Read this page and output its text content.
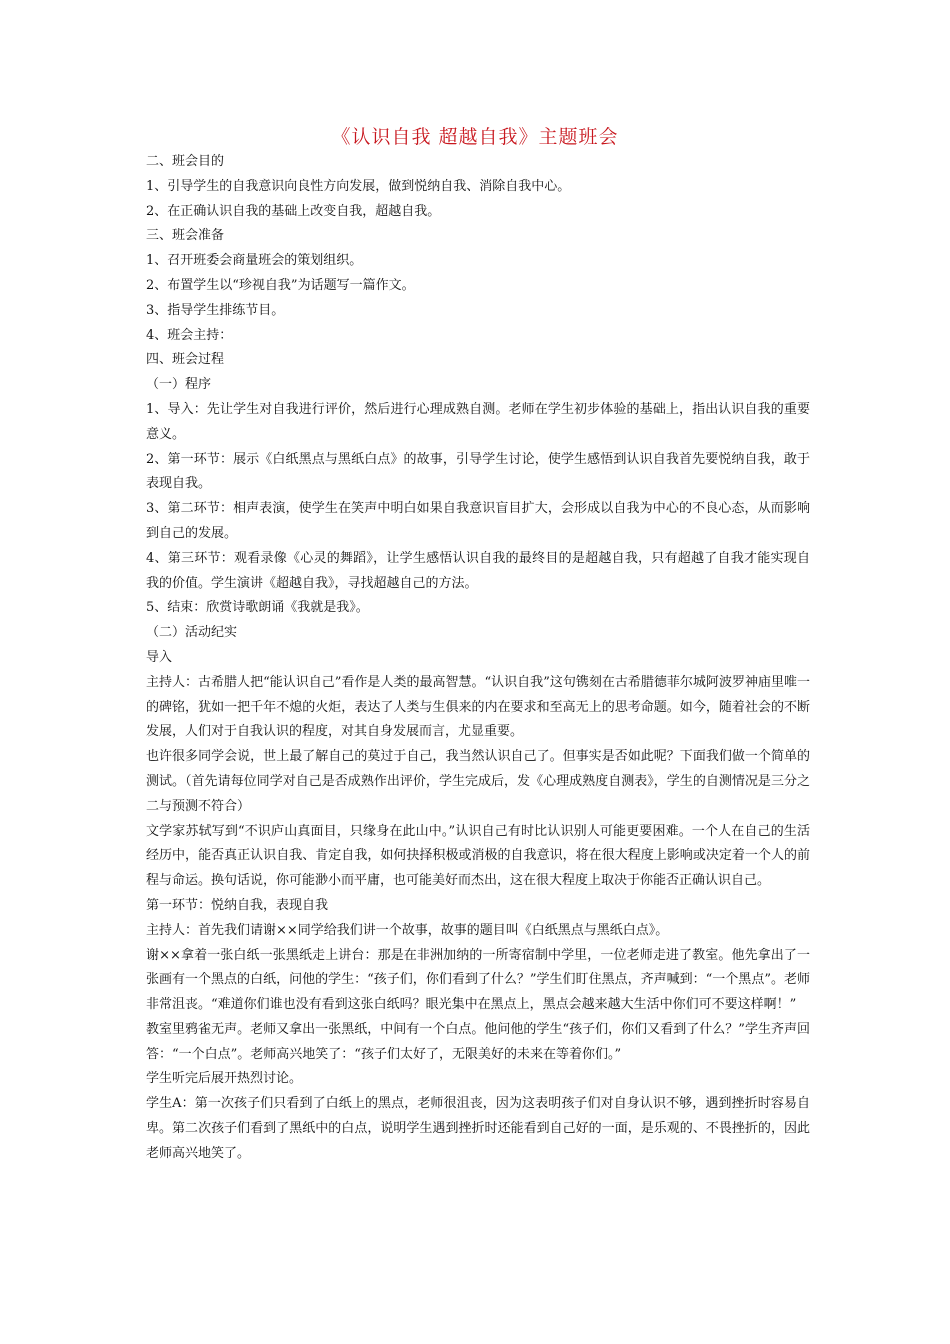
《认识自我 超越自我》主题班会

二、班会目的

1、引导学生的自我意识向良性方向发展，做到悦纳自我、消除自我中心。

2、在正确认识自我的基础上改变自我，超越自我。

三、班会准备

1、召开班委会商量班会的策划组织。

2、布置学生以“珍视自我”为话题写一篇作文。

3、指导学生排练节目。

4、班会主持：

四、班会过程

（一）程序

1、导入：先让学生对自我进行评价，然后进行心理成熟自测。老师在学生初步体验的基础上，指出认识自我的重要意义。

2、第一环节：展示《白纸黑点与黑纸白点》的故事，引导学生讨论，使学生感悟到认识自我首先要悦纳自我，敢于表现自我。

3、第二环节：相声表演，使学生在笑声中明白如果自我意识盲目扩大，会形成以自我为中心的不良心态，从而影响到自己的发展。

4、第三环节：观看录像《心灵的舞蹈》，让学生感悟认识自我的最终目的是超越自我，只有超越了自我才能实现自我的价值。学生演讲《超越自我》，寻找超越自己的方法。

5、结束：欣赏诗歌朗诵《我就是我》。

（二）活动纪实

导入

主持人：古希腊人把“能认识自己”看作是人类的最高智慧。“认识自我”这句镌刻在古希腊德菲尔城阿波罗神庙里唯一的碑铭，犹如一把千年不熄的火炬，表达了人类与生俱来的内在要求和至高无上的思考命题。如今，随着社会的不断发展，人们对于自我认识的程度，对其自身发展而言，尤显重要。

也许很多同学会说，世上最了解自己的莫过于自己，我当然认识自己了。但事实是否如此呢？下面我们做一个简单的测试。（首先请每位同学对自己是否成熟作出评价，学生完成后，发《心理成熟度自测表》，学生的自测情况是三分之二与预测不符合）

文学家苏轼写到“不识庐山真面目，只缘身在此山中。”认识自己有时比认识别人可能更要困难。一个人在自己的生活经历中，能否真正认识自我、肯定自我，如何抉择积极或消极的自我意识，将在很大程度上影响或决定着一个人的前程与命运。换句话说，你可能渺小而平庸，也可能美好而杰出，这在很大程度上取决于你能否正确认识自己。

第一环节：悦纳自我，表现自我

主持人：首先我们请谢××同学给我们讲一个故事，故事的题目叫《白纸黑点与黑纸白点》。

谢××拿着一张白纸一张黑纸走上讲台：那是在非洲加纳的一所寄宿制中学里，一位老师走进了教室。他先拿出了一张画有一个黑点的白纸，问他的学生：“孩子们，你们看到了什么？”学生们盯住黑点，齐声喊到：“一个黑点”。老师非常沮丧。“难道你们谁也没有看到这张白纸吗？眼光集中在黑点上，黑点会越来越大生活中你们可不要这样啊！”

教室里鸦雀无声。老师又拿出一张黑纸，中间有一个白点。他问他的学生“孩子们，你们又看到了什么？”学生齐声回答：“一个白点”。老师高兴地笑了：“孩子们太好了，无限美好的未来在等着你们。”

学生听完后展开热烈讨论。

学生A：第一次孩子们只看到了白纸上的黑点，老师很沮丧，因为这表明孩子们对自身认识不够，遇到挫折时容易自卑。第二次孩子们看到了黑纸中的白点，说明学生遇到挫折时还能看到自己好的一面，是乐观的、不畏挫折的，因此老师高兴地笑了。
